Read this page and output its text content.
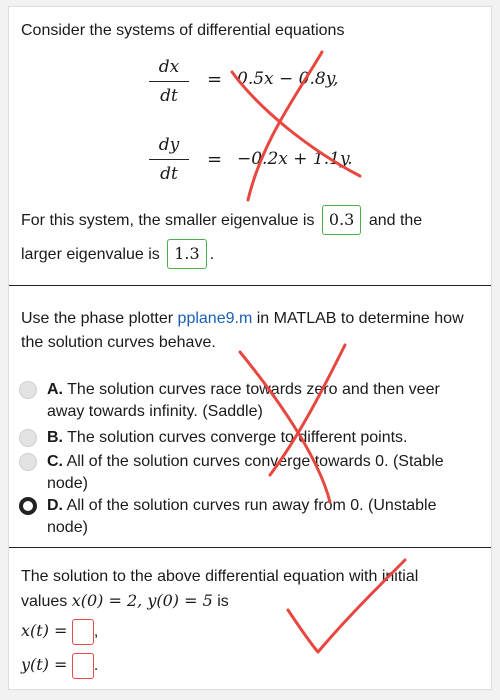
Consider the systems of differential equations
dx
dt
= 0.5x − 0.8y,
dy
dt
= −0.2x + 1.1y.
For this system, the smaller eigenvalue is 0.3 and the
larger eigenvalue is 1.3 .
Use the phase plotter pplane9.m in MATLAB to determine how the solution curves behave.
A. The solution curves race towards zero and then veer away towards infinity. (Saddle)
B. The solution curves converge to different points.
C. All of the solution curves converge towards 0. (Stable node)
D. All of the solution curves run away from 0. (Unstable node)
The solution to the above differential equation with initial
values x(0) = 2, y(0) = 5 is
x(t) = ,
y(t) = .
